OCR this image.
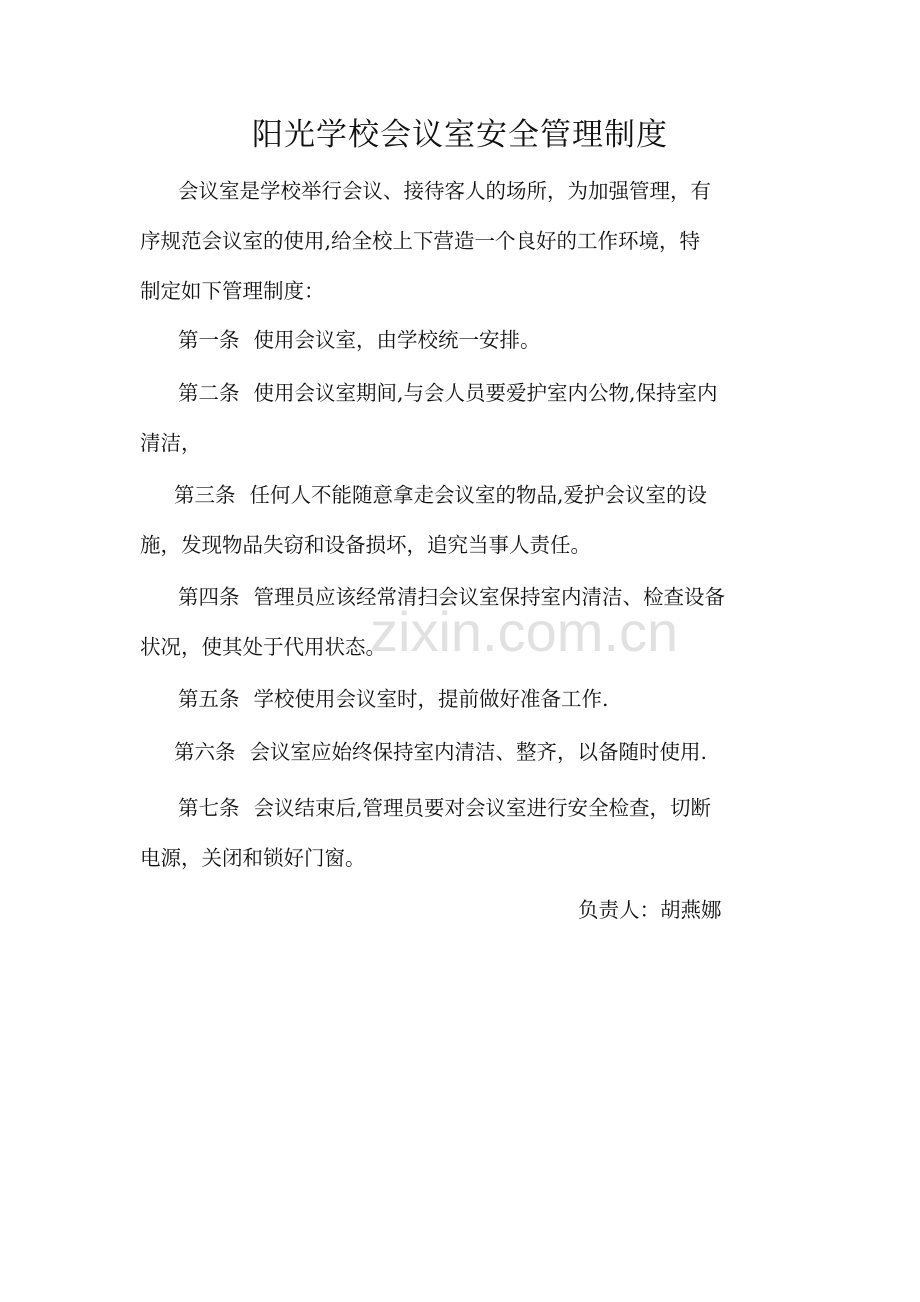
阳光学校会议室安全管理制度

会议室是学校举行会议、接待客人的场所，为加强管理，有
序规范会议室的使用,给全校上下营造一个良好的工作环境，特
制定如下管理制度：

第一条 使用会议室，由学校统一安排。

第二条 使用会议室期间,与会人员要爱护室内公物,保持室内
清洁，

第三条 任何人不能随意拿走会议室的物品,爱护会议室的设
施，发现物品失窃和设备损坏，追究当事人责任。

第四条 管理员应该经常清扫会议室保持室内清洁、检查设备
状况，使其处于代用状态。

第五条 学校使用会议室时，提前做好准备工作.

第六条 会议室应始终保持室内清洁、整齐，以备随时使用.

第七条 会议结束后,管理员要对会议室进行安全检查，切断
电源，关闭和锁好门窗。

负责人：胡燕娜
zixin.com.cn
